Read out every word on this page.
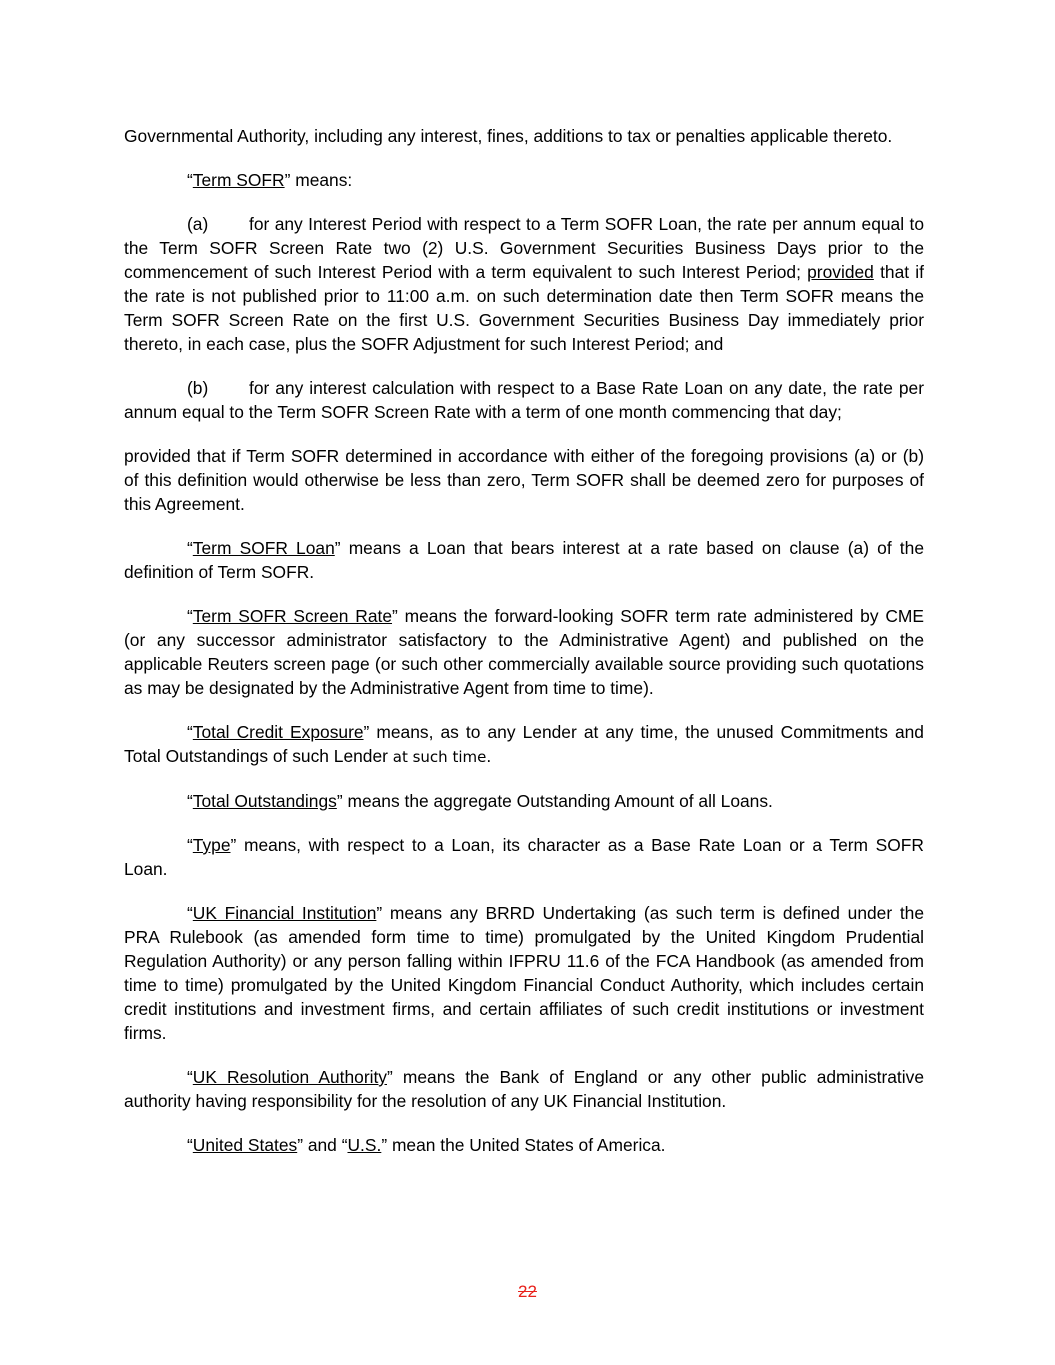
Governmental Authority, including any interest, fines, additions to tax or penalties applicable thereto.

“Term SOFR” means:

(a) for any Interest Period with respect to a Term SOFR Loan, the rate per annum equal to the Term SOFR Screen Rate two (2) U.S. Government Securities Business Days prior to the commencement of such Interest Period with a term equivalent to such Interest Period; provided that if the rate is not published prior to 11:00 a.m. on such determination date then Term SOFR means the Term SOFR Screen Rate on the first U.S. Government Securities Business Day immediately prior thereto, in each case, plus the SOFR Adjustment for such Interest Period; and

(b) for any interest calculation with respect to a Base Rate Loan on any date, the rate per annum equal to the Term SOFR Screen Rate with a term of one month commencing that day;

provided that if Term SOFR determined in accordance with either of the foregoing provisions (a) or (b) of this definition would otherwise be less than zero, Term SOFR shall be deemed zero for purposes of this Agreement.

“Term SOFR Loan” means a Loan that bears interest at a rate based on clause (a) of the definition of Term SOFR.

“Term SOFR Screen Rate” means the forward-looking SOFR term rate administered by CME (or any successor administrator satisfactory to the Administrative Agent) and published on the applicable Reuters screen page (or such other commercially available source providing such quotations as may be designated by the Administrative Agent from time to time).

“Total Credit Exposure” means, as to any Lender at any time, the unused Commitments and Total Outstandings of such Lender at such time.

“Total Outstandings” means the aggregate Outstanding Amount of all Loans.

“Type” means, with respect to a Loan, its character as a Base Rate Loan or a Term SOFR Loan.

“UK Financial Institution” means any BRRD Undertaking (as such term is defined under the PRA Rulebook (as amended form time to time) promulgated by the United Kingdom Prudential Regulation Authority) or any person falling within IFPRU 11.6 of the FCA Handbook (as amended from time to time) promulgated by the United Kingdom Financial Conduct Authority, which includes certain credit institutions and investment firms, and certain affiliates of such credit institutions or investment firms.

“UK Resolution Authority” means the Bank of England or any other public administrative authority having responsibility for the resolution of any UK Financial Institution.

“United States” and “U.S.” mean the United States of America.

22
